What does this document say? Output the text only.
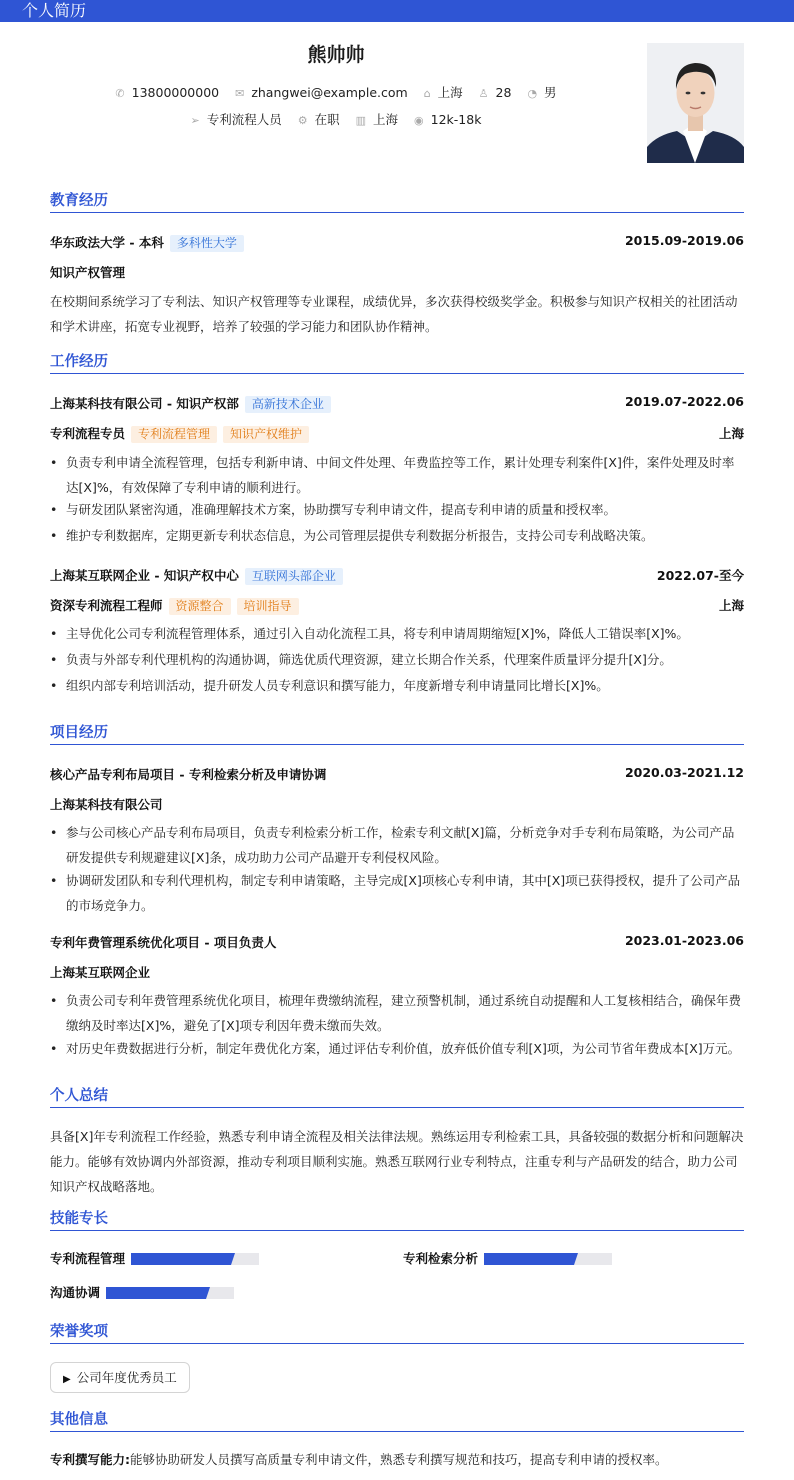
个人简历
熊帅帅
✆ 13800000000 ✉ zhangwei@example.com ⌂ 上海 ♙ 28 ◔ 男
➢ 专利流程人员 ⚙ 在职 ▥ 上海 ◉ 12k-18k
教育经历
华东政法大学 - 本科 多科性大学	2015.09-2019.06
知识产权管理
在校期间系统学习了专利法、知识产权管理等专业课程，成绩优异，多次获得校级奖学金。积极参与知识产权相关的社团活动和学术讲座，拓宽专业视野，培养了较强的学习能力和团队协作精神。
工作经历
上海某科技有限公司 - 知识产权部 高新技术企业	2019.07-2022.06
专利流程专员 专利流程管理 知识产权维护	上海
• 负责专利申请全流程管理，包括专利新申请、中间文件处理、年费监控等工作，累计处理专利案件[X]件，案件处理及时率达[X]%，有效保障了专利申请的顺利进行。
• 与研发团队紧密沟通，准确理解技术方案，协助撰写专利申请文件，提高专利申请的质量和授权率。
• 维护专利数据库，定期更新专利状态信息，为公司管理层提供专利数据分析报告，支持公司专利战略决策。
上海某互联网企业 - 知识产权中心 互联网头部企业	2022.07-至今
资深专利流程工程师 资源整合 培训指导	上海
• 主导优化公司专利流程管理体系，通过引入自动化流程工具，将专利申请周期缩短[X]%，降低人工错误率[X]%。
• 负责与外部专利代理机构的沟通协调，筛选优质代理资源，建立长期合作关系，代理案件质量评分提升[X]分。
• 组织内部专利培训活动，提升研发人员专利意识和撰写能力，年度新增专利申请量同比增长[X]%。
项目经历
核心产品专利布局项目 - 专利检索分析及申请协调	2020.03-2021.12
上海某科技有限公司
• 参与公司核心产品专利布局项目，负责专利检索分析工作，检索专利文献[X]篇，分析竞争对手专利布局策略，为公司产品研发提供专利规避建议[X]条，成功助力公司产品避开专利侵权风险。
• 协调研发团队和专利代理机构，制定专利申请策略，主导完成[X]项核心专利申请，其中[X]项已获得授权，提升了公司产品的市场竞争力。
专利年费管理系统优化项目 - 项目负责人	2023.01-2023.06
上海某互联网企业
• 负责公司专利年费管理系统优化项目，梳理年费缴纳流程，建立预警机制，通过系统自动提醒和人工复核相结合，确保年费缴纳及时率达[X]%，避免了[X]项专利因年费未缴而失效。
• 对历史年费数据进行分析，制定年费优化方案，通过评估专利价值，放弃低价值专利[X]项，为公司节省年费成本[X]万元。
个人总结
具备[X]年专利流程工作经验，熟悉专利申请全流程及相关法律法规。熟练运用专利检索工具，具备较强的数据分析和问题解决能力。能够有效协调内外部资源，推动专利项目顺利实施。熟悉互联网行业专利特点，注重专利与产品研发的结合，助力公司知识产权战略落地。
技能专长
专利流程管理	专利检索分析
沟通协调
荣誉奖项
▶ 公司年度优秀员工
其他信息
专利撰写能力:能够协助研发人员撰写高质量专利申请文件，熟悉专利撰写规范和技巧，提高专利申请的授权率。
